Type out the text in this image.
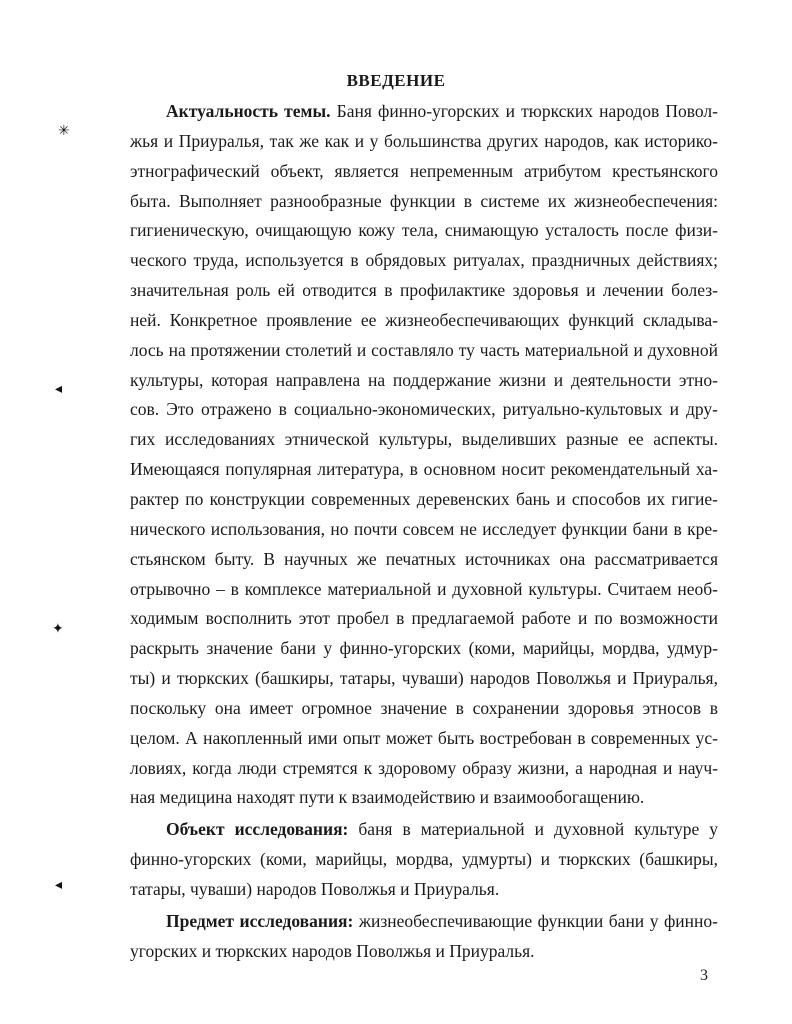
ВВЕДЕНИЕ
Актуальность темы. Баня финно-угорских и тюркских народов Повол-
жья и Приуралья, так же как и у большинства других народов, как историко-
этнографический объект, является непременным атрибутом крестьянского
быта. Выполняет разнообразные функции в системе их жизнеобеспечения:
гигиеническую, очищающую кожу тела, снимающую усталость после физи-
ческого труда, используется в обрядовых ритуалах, праздничных действиях;
значительная роль ей отводится в профилактике здоровья и лечении болез-
ней. Конкретное проявление ее жизнеобеспечивающих функций складыва-
лось на протяжении столетий и составляло ту часть материальной и духовной
культуры, которая направлена на поддержание жизни и деятельности этно-
сов. Это отражено в социально-экономических, ритуально-культовых и дру-
гих исследованиях этнической культуры, выделивших разные ее аспекты.
Имеющаяся популярная литература, в основном носит рекомендательный ха-
рактер по конструкции современных деревенских бань и способов их гигие-
нического использования, но почти совсем не исследует функции бани в кре-
стьянском быту. В научных же печатных источниках она рассматривается
отрывочно – в комплексе материальной и духовной культуры. Считаем необ-
ходимым восполнить этот пробел в предлагаемой работе и по возможности
раскрыть значение бани у финно-угорских (коми, марийцы, мордва, удмур-
ты) и тюркских (башкиры, татары, чуваши) народов Поволжья и Приуралья,
поскольку она имеет огромное значение в сохранении здоровья этносов в
целом. А накопленный ими опыт может быть востребован в современных ус-
ловиях, когда люди стремятся к здоровому образу жизни, а народная и науч-
ная медицина находят пути к взаимодействию и взаимообогащению.
Объект исследования: баня в материальной и духовной культуре у
финно-угорских (коми, марийцы, мордва, удмурты) и тюркских (башкиры,
татары, чуваши) народов Поволжья и Приуралья.
Предмет исследования: жизнеобеспечивающие функции бани у финно-
угорских и тюркских народов Поволжья и Приуралья.
3
✳
◂
✦
◂
